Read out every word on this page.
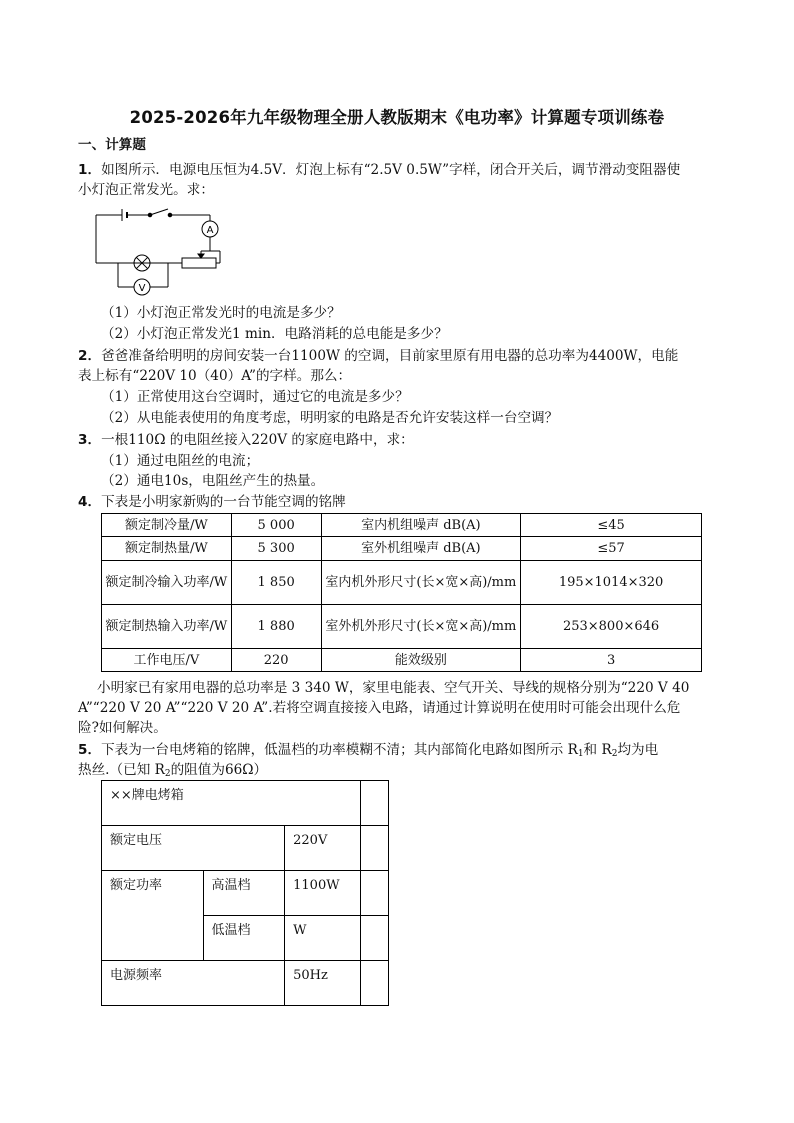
2025-2026年九年级物理全册人教版期末《电功率》计算题专项训练卷
一、计算题
1．如图所示．电源电压恒为4.5V．灯泡上标有“2.5V 0.5W”字样，闭合开关后，调节滑动变阻器使
小灯泡正常发光。求：
A
V
（1）小灯泡正常发光时的电流是多少？
（2）小灯泡正常发光1 min．电路消耗的总电能是多少？
2．爸爸准备给明明的房间安装一台1100W 的空调，目前家里原有用电器的总功率为4400W，电能
表上标有“220V 10（40）A”的字样。那么：
（1）正常使用这台空调时，通过它的电流是多少？
（2）从电能表使用的角度考虑，明明家的电路是否允许安装这样一台空调？
3．一根110Ω 的电阻丝接入220V 的家庭电路中，求：
（1）通过电阻丝的电流；
（2）通电10s，电阻丝产生的热量。
4．下表是小明家新购的一台节能空调的铭牌
额定制冷量/W	5 000	室内机组噪声 dB(A)	≤45
额定制热量/W	5 300	室外机组噪声 dB(A)	≤57
额定制冷输入功率/W	1 850	室内机外形尺寸(长×宽×高)/mm	195×1014×320
额定制热输入功率/W	1 880	室外机外形尺寸(长×宽×高)/mm	253×800×646
工作电压/V	220	能效级别	3
小明家已有家用电器的总功率是 3 340 W，家里电能表、空气开关、导线的规格分别为“220 V 40
A”“220 V 20 A”“220 V 20 A”.若将空调直接接入电路，请通过计算说明在使用时可能会出现什么危
险?如何解决。
5．下表为一台电烤箱的铭牌，低温档的功率模糊不清；其内部简化电路如图所示 $R_1$和 $R_2$均为电
热丝.（已知 $R_2$的阻值为66Ω）
××牌电烤箱			
额定电压		220V	
额定功率	高温档	1100W	
	低温档	W	
电源频率		50Hz	
